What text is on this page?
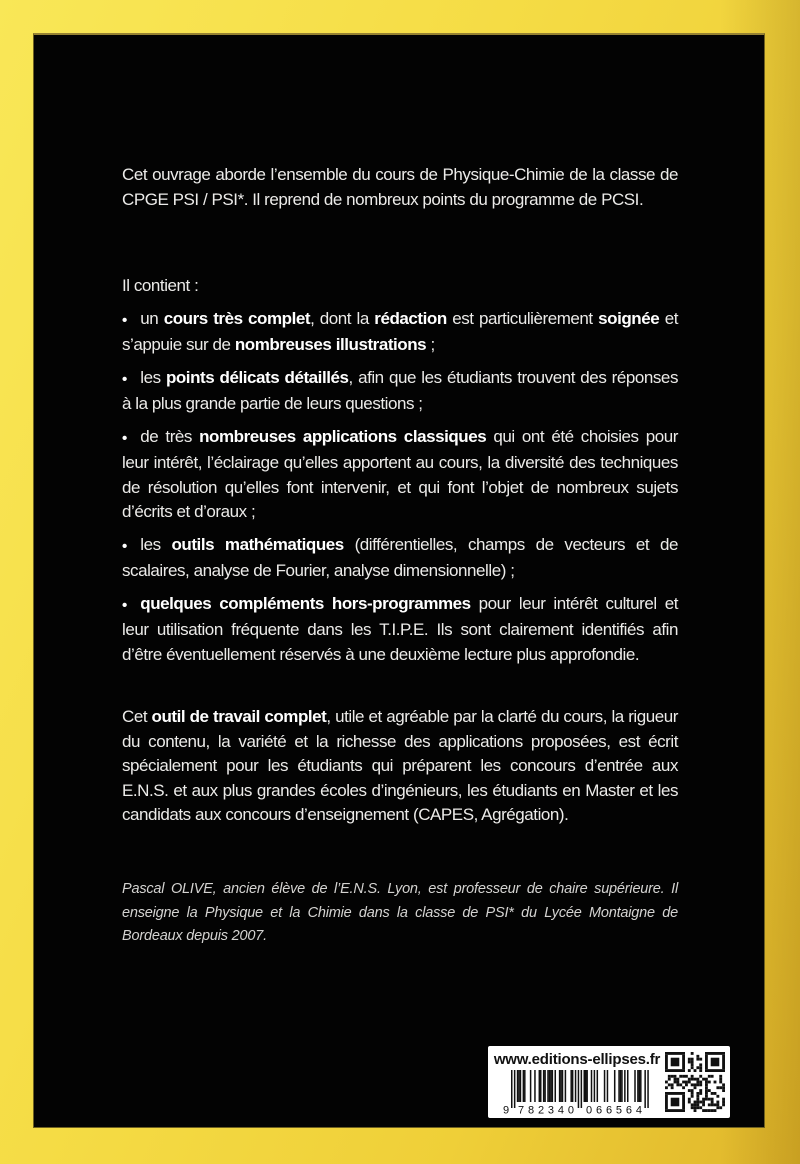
Cet ouvrage aborde l’ensemble du cours de Physique-Chimie de la classe de CPGE PSI / PSI*. Il reprend de nombreux points du programme de PCSI.

Il contient :

• un cours très complet, dont la rédaction est particulièrement soignée et s’appuie sur de nombreuses illustrations ;

• les points délicats détaillés, afin que les étudiants trouvent des réponses à la plus grande partie de leurs questions ;

• de très nombreuses applications classiques qui ont été choisies pour leur intérêt, l’éclairage qu’elles apportent au cours, la diversité des techniques de résolution qu’elles font intervenir, et qui font l’objet de nombreux sujets d’écrits et d’oraux ;

• les outils mathématiques (différentielles, champs de vecteurs et de scalaires, analyse de Fourier, analyse dimensionnelle) ;

• quelques compléments hors-programmes pour leur intérêt culturel et leur utilisation fréquente dans les T.I.P.E. Ils sont clairement identifiés afin d’être éventuellement réservés à une deuxième lecture plus approfondie.

Cet outil de travail complet, utile et agréable par la clarté du cours, la rigueur du contenu, la variété et la richesse des applications proposées, est écrit spécialement pour les étudiants qui préparent les concours d’entrée aux E.N.S. et aux plus grandes écoles d’ingénieurs, les étudiants en Master et les candidats aux concours d’enseignement (CAPES, Agrégation).

Pascal OLIVE, ancien élève de l’E.N.S. Lyon, est professeur de chaire supérieure. Il enseigne la Physique et la Chimie dans la classe de PSI* du Lycée Montaigne de Bordeaux depuis 2007.

www.editions-ellipses.fr
9 782340 066564
